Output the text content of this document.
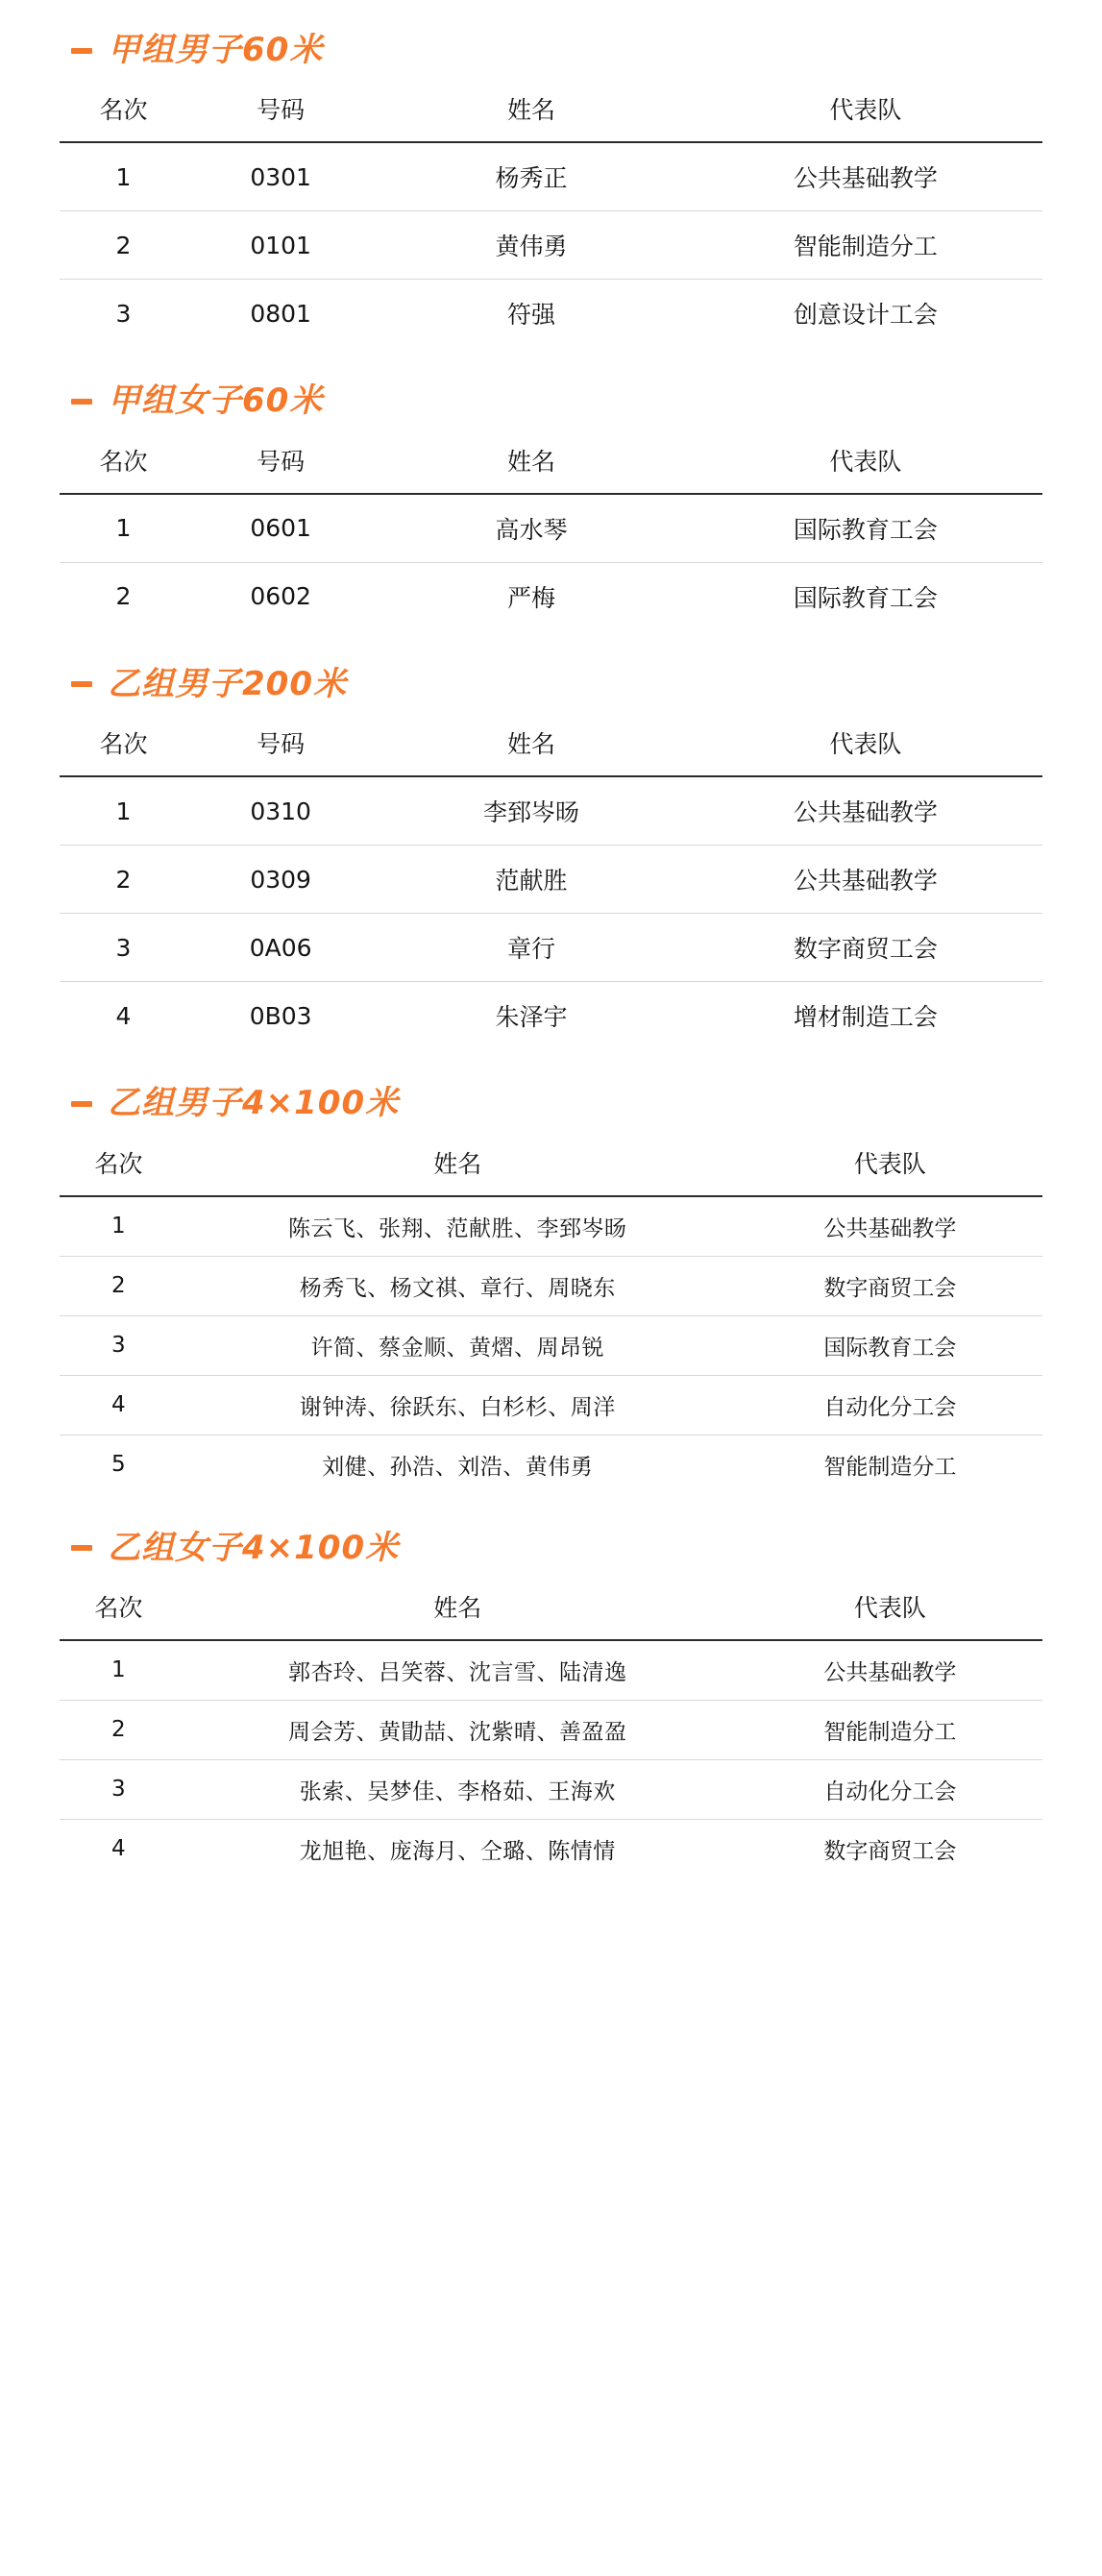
甲组男子60米
名次	号码	姓名	代表队
1	0301	杨秀正	公共基础教学
2	0101	黄伟勇	智能制造分工
3	0801	符强	创意设计工会
甲组女子60米
名次	号码	姓名	代表队
1	0601	高水琴	国际教育工会
2	0602	严梅	国际教育工会
乙组男子200米
名次	号码	姓名	代表队
1	0310	李郅岑旸	公共基础教学
2	0309	范献胜	公共基础教学
3	0A06	章行	数字商贸工会
4	0B03	朱泽宇	增材制造工会
乙组男子4×100米
名次	姓名	代表队
1	陈云飞、张翔、范献胜、李郅岑旸	公共基础教学
2	杨秀飞、杨文祺、章行、周晓东	数字商贸工会
3	许简、蔡金顺、黄熠、周昂锐	国际教育工会
4	谢钟涛、徐跃东、白杉杉、周洋	自动化分工会
5	刘健、孙浩、刘浩、黄伟勇	智能制造分工
乙组女子4×100米
名次	姓名	代表队
1	郭杏玲、吕笑蓉、沈言雪、陆清逸	公共基础教学
2	周会芳、黄勖喆、沈紫晴、善盈盈	智能制造分工
3	张索、吴梦佳、李格茹、王海欢	自动化分工会
4	龙旭艳、庞海月、仝璐、陈情情	数字商贸工会
